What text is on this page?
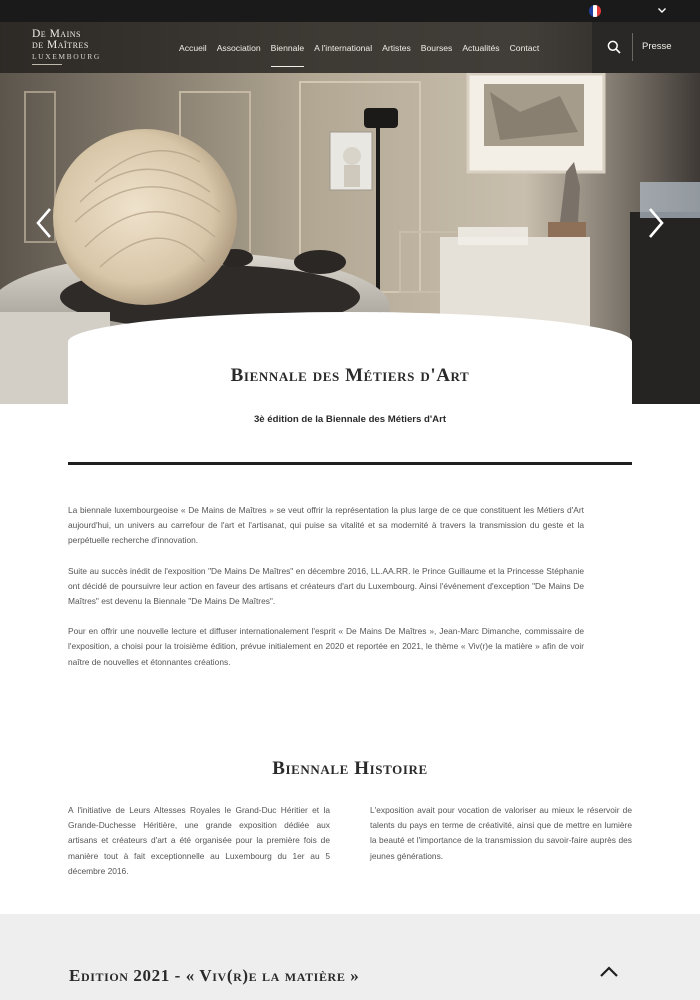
De Mains
de Maîtres
LUXEMBOURG
Accueil Association Biennale A l'international Artistes Bourses Actualités Contact	Presse
Biennale des Métiers d'Art
3è édition de la Biennale des Métiers d'Art

La biennale luxembourgeoise « De Mains de Maîtres » se veut offrir la représentation la plus large de ce que constituent les Métiers d'Art aujourd'hui, un univers au carrefour de l'art et l'artisanat, qui puise sa vitalité et sa modernité à travers la transmission du geste et la perpétuelle recherche d'innovation.

Suite au succès inédit de l'exposition "De Mains De Maîtres" en décembre 2016, LL.AA.RR. le Prince Guillaume et la Princesse Stéphanie ont décidé de poursuivre leur action en faveur des artisans et créateurs d'art du Luxembourg. Ainsi l'événement d'exception "De Mains De Maîtres" est devenu la Biennale "De Mains De Maîtres".

Pour en offrir une nouvelle lecture et diffuser internationalement l'esprit « De Mains De Maîtres », Jean-Marc Dimanche, commissaire de l'exposition, a choisi pour la troisième édition, prévue initialement en 2020 et reportée en 2021, le thème « Viv(r)e la matière » afin de voir naître de nouvelles et étonnantes créations.

Biennale Histoire
A l'initiative de Leurs Altesses Royales le Grand-Duc Héritier et la Grande-Duchesse Héritière, une grande exposition dédiée aux artisans et créateurs d'art a été organisée pour la première fois de manière tout à fait exceptionnelle au Luxembourg du 1er au 5 décembre 2016.
L'exposition avait pour vocation de valoriser au mieux le réservoir de talents du pays en terme de créativité, ainsi que de mettre en lumière la beauté et l'importance de la transmission du savoir-faire auprès des jeunes générations.
Edition 2021 - « Viv(r)e la matière »
